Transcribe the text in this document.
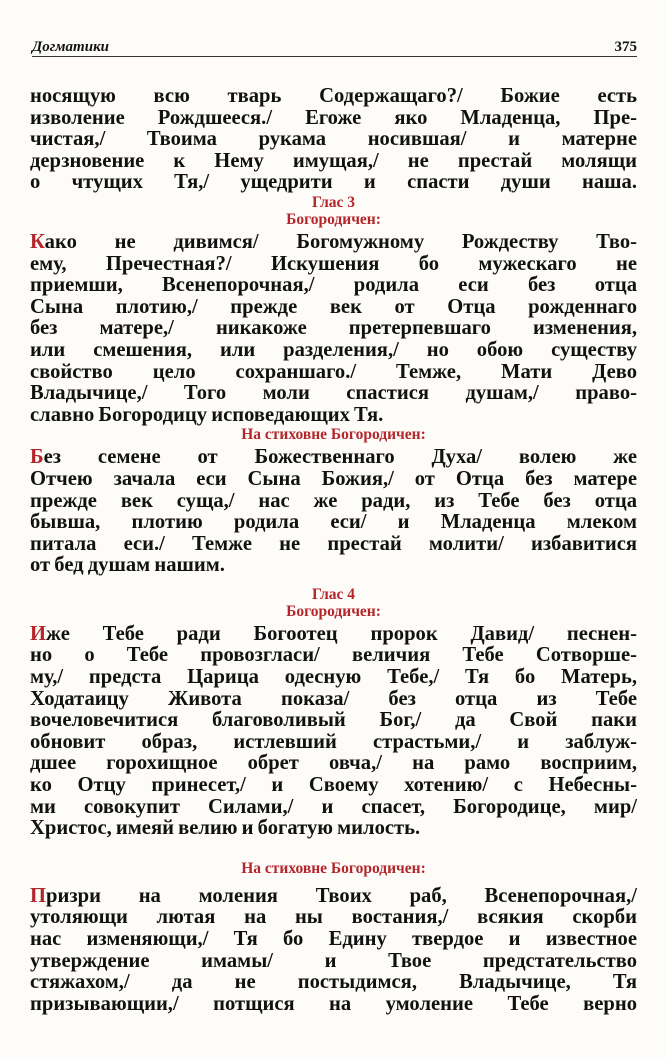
Догматики	375

носящую всю тварь Содержащаго?/ Божие есть
изволение Рождшееся./ Егоже яко Младенца, Пре-
чистая,/ Твоима рукама носившая/ и матерне
дерзновение к Нему имущая,/ не престай молящи
о чтущих Тя,/ ущедрити и спасти души наша.

Глас 3
Богородичен:

Како не дивимся/ Богомужному Рождеству Тво-
ему, Пречестная?/ Искушения бо мужескаго не
приемши, Всенепорочная,/ родила еси без отца
Сына плотию,/ прежде век от Отца рожденнаго
без матере,/ никакоже претерпевшаго изменения,
или смешения, или разделения,/ но обою существу
свойство цело сохраншаго./ Темже, Мати Дево
Владычице,/ Того моли спастися душам,/ право-
славно Богородицу исповедающих Тя.

На стиховне Богородичен:

Без семене от Божественнаго Духа/ волею же
Отчею зачала еси Сына Божия,/ от Отца без матере
прежде век суща,/ нас же ради, из Тебе без отца
бывша, плотию родила еси/ и Младенца млеком
питала еси./ Темже не престай молити/ избавитися
от бед душам нашим.

Глас 4
Богородичен:

Иже Тебе ради Богоотец пророк Давид/ песнен-
но о Тебе провозгласи/ величия Тебе Сотворше-
му,/ предста Царица одесную Тебе,/ Тя бо Матерь,
Ходатаицу Живота показа/ без отца из Тебе
вочеловечитися благоволивый Бог,/ да Свой паки
обновит образ, истлевший страстьми,/ и заблуж-
дшее горохищное обрет овча,/ на рамо восприим,
ко Отцу принесет,/ и Своему хотению/ с Небесны-
ми совокупит Силами,/ и спасет, Богородице, мир/
Христос, имеяй велию и богатую милость.

На стиховне Богородичен:

Призри на моления Твоих раб, Всенепорочная,/
утоляющи лютая на ны востания,/ всякия скорби
нас изменяющи,/ Тя бо Едину твердое и известное
утверждение имамы/ и Твое предстательство
стяжахом,/ да не постыдимся, Владычице, Тя
призывающии,/ потщися на умоление Тебе верно
